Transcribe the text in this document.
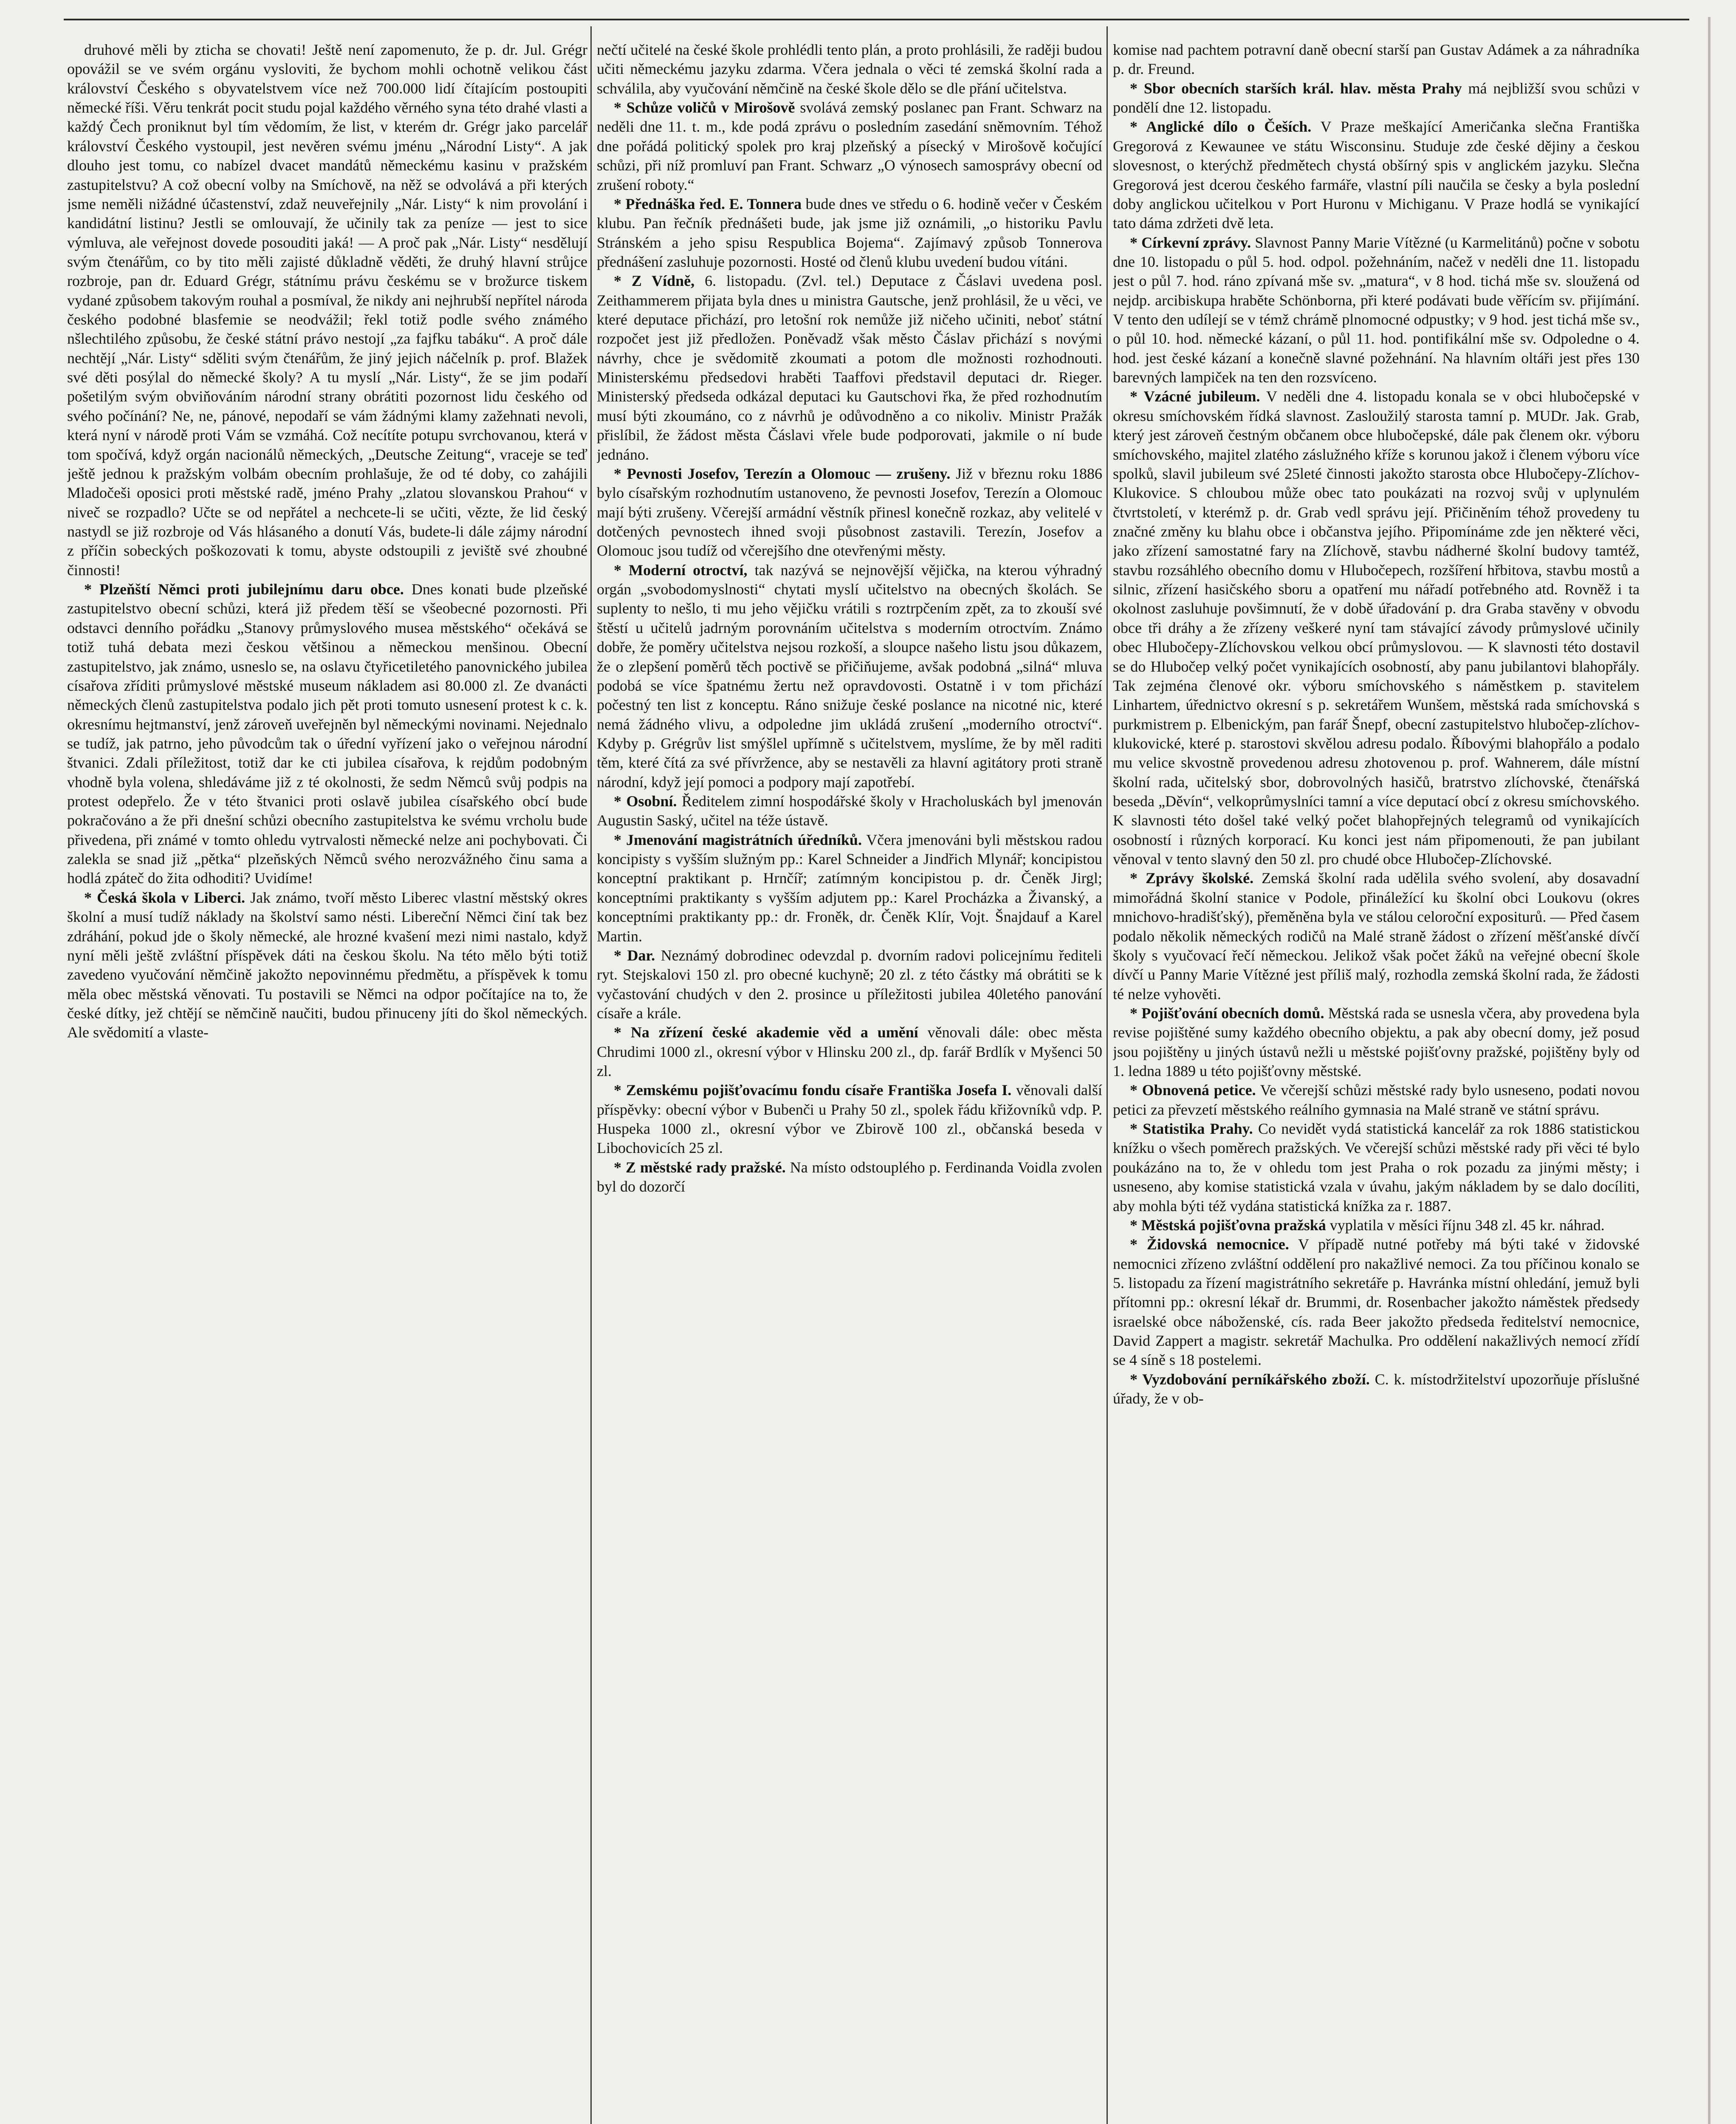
druhové měli by zticha se chovati! Ještě není zapomenuto, že p. dr. Jul. Grégr opovážil se ve svém orgánu vysloviti, že bychom mohli ochotně velikou část království Českého s obyvatelstvem více než 700.000 lidí čítajícím postoupiti německé říši. Věru tenkrát pocit studu pojal každého věrného syna této drahé vlasti a každý Čech proniknut byl tím vědomím, že list, v kterém dr. Grégr jako parcelář království Českého vystoupil, jest nevěren svému jménu „Národní Listy“. A jak dlouho jest tomu, co nabízel dvacet mandátů německému kasinu v pražském zastupitelstvu? A což obecní volby na Smíchově, na něž se odvolává a při kterých jsme neměli nižádné účastenství, zdaž neuveřejnily „Nár. Listy“ k nim provolání i kandidátní listinu? Jestli se omlouvají, že učinily tak za peníze — jest to sice výmluva, ale veřejnost dovede posouditi jaká! — A proč pak „Nár. Listy“ nesdělují svým čtenářům, co by tito měli zajisté důkladně věděti, že druhý hlavní strůjce rozbroje, pan dr. Eduard Grégr, státnímu právu českému se v brožurce tiskem vydané způsobem takovým rouhal a posmíval, že nikdy ani nejhrubší nepřítel národa českého podobné blasfemie se neodvážil; řekl totiž podle svého známého nšlechtilého způsobu, že české státní právo nestojí „za fajfku tabáku“. A proč dále nechtějí „Nár. Listy“ sděliti svým čtenářům, že jiný jejich náčelník p. prof. Blažek své děti posýlal do německé školy? A tu myslí „Nár. Listy“, že se jim podaří pošetilým svým obviňováním národní strany obrátiti pozornost lidu českého od svého počínání? Ne, ne, pánové, nepodaří se vám žádnými klamy zažehnati nevoli, která nyní v národě proti Vám se vzmáhá. Což necítíte potupu svrchovanou, která v tom spočívá, když orgán nacionálů německých, „Deutsche Zeitung“, vraceje se teď ještě jednou k pražským volbám obecním prohlašuje, že od té doby, co zahájili Mladočeši oposici proti městské radě, jméno Prahy „zlatou slovanskou Prahou“ v niveč se rozpadlo? Učte se od nepřátel a nechcete-li se učiti, vězte, že lid český nastydl se již rozbroje od Vás hlásaného a donutí Vás, budete-li dále zájmy národní z příčin sobeckých poškozovati k tomu, abyste odstoupili z jeviště své zhoubné činnosti!

* Plzeňští Němci proti jubilejnímu daru obce. Dnes konati bude plzeňské zastupitelstvo obecní schůzi, která již předem těší se všeobecné pozornosti. Při odstavci denního pořádku „Stanovy průmyslového musea městského“ očekává se totiž tuhá debata mezi českou většinou a německou menšinou. Obecní zastupitelstvo, jak známo, usneslo se, na oslavu čtyřicetiletého panovnického jubilea císařova zříditi průmyslové městské museum nákladem asi 80.000 zl. Ze dvanácti německých členů zastupitelstva podalo jich pět proti tomuto usnesení protest k c. k. okresnímu hejtmanství, jenž zároveň uveřejněn byl německými novinami. Nejednalo se tudíž, jak patrno, jeho původcům tak o úřední vyřízení jako o veřejnou národní štvanici. Zdali příležitost, totiž dar ke cti jubilea císařova, k rejdům podobným vhodně byla volena, shledáváme již z té okolnosti, že sedm Němců svůj podpis na protest odepřelo. Že v této štvanici proti oslavě jubilea císařského obcí bude pokračováno a že při dnešní schůzi obecního zastupitelstva ke svému vrcholu bude přivedena, při známé v tomto ohledu vytrvalosti německé nelze ani pochybovati. Či zalekla se snad již „pětka“ plzeňských Němců svého nerozvážného činu sama a hodlá zpáteč do žita odhoditi? Uvidíme!

* Česká škola v Liberci. Jak známo, tvoří město Liberec vlastní městský okres školní a musí tudíž náklady na školství samo nésti. Libereční Němci činí tak bez zdráhání, pokud jde o školy německé, ale hrozné kvašení mezi nimi nastalo, když nyní měli ještě zvláštní příspěvek dáti na českou školu. Na této mělo býti totiž zavedeno vyučování němčině jakožto nepovinnému předmětu, a příspěvek k tomu měla obec městská věnovati. Tu postavili se Němci na odpor počítajíce na to, že české dítky, jež chtějí se němčině naučiti, budou přinuceny jíti do škol německých. Ale svědomití a vlaste-

nečtí učitelé na české škole prohlédli tento plán, a proto prohlásili, že raději budou učiti německému jazyku zdarma. Včera jednala o věci té zemská školní rada a schválila, aby vyučování němčině na české škole dělo se dle přání učitelstva.

* Schůze voličů v Mirošově svolává zemský poslanec pan Frant. Schwarz na neděli dne 11. t. m., kde podá zprávu o posledním zasedání sněmovním. Téhož dne pořádá politický spolek pro kraj plzeňský a písecký v Mirošově kočující schůzi, při níž promluví pan Frant. Schwarz „O výnosech samosprávy obecní od zrušení roboty.“

* Přednáška řed. E. Tonnera bude dnes ve středu o 6. hodině večer v Českém klubu. Pan řečník přednášeti bude, jak jsme již oznámili, „o historiku Pavlu Stránském a jeho spisu Respublica Bojema“. Zajímavý způsob Tonnerova přednášení zasluhuje pozornosti. Hosté od členů klubu uvedení budou vítáni.

* Z Vídně, 6. listopadu. (Zvl. tel.) Deputace z Čáslavi uvedena posl. Zeithammerem přijata byla dnes u ministra Gautsche, jenž prohlásil, že u věci, ve které deputace přichází, pro letošní rok nemůže již ničeho učiniti, neboť státní rozpočet jest již předložen. Poněvadž však město Čáslav přichází s novými návrhy, chce je svědomitě zkoumati a potom dle možnosti rozhodnouti. Ministerskému předsedovi hraběti Taaffovi představil deputaci dr. Rieger. Ministerský předseda odkázal deputaci ku Gautschovi řka, že před rozhodnutím musí býti zkoumáno, co z návrhů je odůvodněno a co nikoliv. Ministr Pražák přislíbil, že žádost města Čáslavi vřele bude podporovati, jakmile o ní bude jednáno.

* Pevnosti Josefov, Terezín a Olomouc — zrušeny. Již v březnu roku 1886 bylo císařským rozhodnutím ustanoveno, že pevnosti Josefov, Terezín a Olomouc mají býti zrušeny. Včerejší armádní věstník přinesl konečně rozkaz, aby velitelé v dotčených pevnostech ihned svoji působnost zastavili. Terezín, Josefov a Olomouc jsou tudíž od včerejšího dne otevřenými městy.

* Moderní otroctví, tak nazývá se nejnovější vějička, na kterou výhradný orgán „svobodomyslnosti“ chytati myslí učitelstvo na obecných školách. Se suplenty to nešlo, ti mu jeho vějičku vrátili s roztrpčením zpět, za to zkouší své štěstí u učitelů jadrným porovnáním učitelstva s moderním otroctvím. Známo dobře, že poměry učitelstva nejsou rozkoší, a sloupce našeho listu jsou důkazem, že o zlepšení poměrů těch poctivě se přičiňujeme, avšak podobná „silná“ mluva podobá se více špatnému žertu než opravdovosti. Ostatně i v tom přichází počestný ten list z konceptu. Ráno snižuje české poslance na nicotné nic, které nemá žádného vlivu, a odpoledne jim ukládá zrušení „moderního otroctví“. Kdyby p. Grégrův list smýšlel upřímně s učitelstvem, myslíme, že by měl raditi těm, které čítá za své přívržence, aby se nestavěli za hlavní agitátory proti straně národní, když její pomoci a podpory mají zapotřebí.

* Osobní. Ředitelem zimní hospodářské školy v Hracholuskách byl jmenován Augustin Saský, učitel na téže ústavě.

* Jmenování magistrátních úředníků. Včera jmenováni byli městskou radou koncipisty s vyšším služným pp.: Karel Schneider a Jindřich Mlynář; koncipistou konceptní praktikant p. Hrnčíř; zatímným koncipistou p. dr. Čeněk Jirgl; konceptními praktikanty s vyšším adjutem pp.: Karel Procházka a Živanský, a konceptními praktikanty pp.: dr. Froněk, dr. Čeněk Klír, Vojt. Šnajdauf a Karel Martin.

* Dar. Neznámý dobrodinec odevzdal p. dvorním radovi policejnímu řediteli ryt. Stejskalovi 150 zl. pro obecné kuchyně; 20 zl. z této částky má obrátiti se k vyčastování chudých v den 2. prosince u příležitosti jubilea 40letého panování císaře a krále.

* Na zřízení české akademie věd a umění věnovali dále: obec města Chrudimi 1000 zl., okresní výbor v Hlinsku 200 zl., dp. farář Brdlík v Myšenci 50 zl.

* Zemskému pojišťovacímu fondu císaře Františka Josefa I. věnovali další příspěvky: obecní výbor v Bubenči u Prahy 50 zl., spolek řádu křižovníků vdp. P. Huspeka 1000 zl., okresní výbor ve Zbirově 100 zl., občanská beseda v Libochovicích 25 zl.

* Z městské rady pražské. Na místo odstouplého p. Ferdinanda Voidla zvolen byl do dozorčí

komise nad pachtem potravní daně obecní starší pan Gustav Adámek a za náhradníka p. dr. Freund.

* Sbor obecních starších král. hlav. města Prahy má nejbližší svou schůzi v pondělí dne 12. listopadu.

* Anglické dílo o Češích. V Praze meškající Američanka slečna Františka Gregorová z Kewaunee ve státu Wisconsinu. Studuje zde české dějiny a českou slovesnost, o kterýchž předmětech chystá obšírný spis v anglickém jazyku. Slečna Gregorová jest dcerou českého farmáře, vlastní píli naučila se česky a byla poslední doby anglickou učitelkou v Port Huronu v Michiganu. V Praze hodlá se vynikající tato dáma zdržeti dvě leta.

* Církevní zprávy. Slavnost Panny Marie Vítězné (u Karmelitánů) počne v sobotu dne 10. listopadu o půl 5. hod. odpol. požehnáním, načež v neděli dne 11. listopadu jest o půl 7. hod. ráno zpívaná mše sv. „matura“, v 8 hod. tichá mše sv. sloužená od nejdp. arcibiskupa hraběte Schönborna, při které podávati bude věřícím sv. přijímání. V tento den udílejí se v témž chrámě plnomocné odpustky; v 9 hod. jest tichá mše sv., o půl 10. hod. německé kázaní, o půl 11. hod. pontifikální mše sv. Odpoledne o 4. hod. jest české kázaní a konečně slavné požehnání. Na hlavním oltáři jest přes 130 barevných lampiček na ten den rozsvíceno.

* Vzácné jubileum. V neděli dne 4. listopadu konala se v obci hlubočepské v okresu smíchovském řídká slavnost. Zasloužilý starosta tamní p. MUDr. Jak. Grab, který jest zároveň čestným občanem obce hlubočepské, dále pak členem okr. výboru smíchovského, majitel zlatého záslužného kříže s korunou jakož i členem výboru více spolků, slavil jubileum své 25leté činnosti jakožto starosta obce Hlubočepy-Zlíchov-Klukovice. S chloubou může obec tato poukázati na rozvoj svůj v uplynulém čtvrtstoletí, v kterémž p. dr. Grab vedl správu její. Přičiněním téhož provedeny tu značné změny ku blahu obce i občanstva jejího. Připomínáme zde jen některé věci, jako zřízení samostatné fary na Zlíchově, stavbu nádherné školní budovy tamtéž, stavbu rozsáhlého obecního domu v Hlubočepech, rozšíření hřbitova, stavbu mostů a silnic, zřízení hasičského sboru a opatření mu nářadí potřebného atd. Rovněž i ta okolnost zasluhuje povšimnutí, že v době úřadování p. dra Graba stavěny v obvodu obce tři dráhy a že zřízeny veškeré nyní tam stávající závody průmyslové učinily obec Hlubočepy-Zlíchovskou velkou obcí průmyslovou. — K slavnosti této dostavil se do Hlubočep velký počet vynikajících osobností, aby panu jubilantovi blahopřály. Tak zejména členové okr. výboru smíchovského s náměstkem p. stavitelem Linhartem, úřednictvo okresní s p. sekretářem Wunšem, městská rada smíchovská s purkmistrem p. Elbenickým, pan farář Šnepf, obecní zastupitelstvo hlubočep-zlíchov-klukovické, které p. starostovi skvělou adresu podalo. Říbovými blahopřálo a podalo mu velice skvostně provedenou adresu zhotovenou p. prof. Wahnerem, dále místní školní rada, učitelský sbor, dobrovolných hasičů, bratrstvo zlíchovské, čtenářská beseda „Děvín“, velkoprůmyslníci tamní a více deputací obcí z okresu smíchovského. K slavnosti této došel také velký počet blahopřejných telegramů od vynikajících osobností i různých korporací. Ku konci jest nám připomenouti, že pan jubilant věnoval v tento slavný den 50 zl. pro chudé obce Hlubočep-Zlíchovské.

* Zprávy školské. Zemská školní rada udělila svého svolení, aby dosavadní mimořádná školní stanice v Podole, přináležící ku školní obci Loukovu (okres mnichovo-hradišťský), přeměněna byla ve stálou celoroční expositurů. — Před časem podalo několik německých rodičů na Malé straně žádost o zřízení měšťanské dívčí školy s vyučovací řečí německou. Jelikož však počet žáků na veřejné obecní škole dívčí u Panny Marie Vítězné jest příliš malý, rozhodla zemská školní rada, že žádosti té nelze vyhověti.

* Pojišťování obecních domů. Městská rada se usnesla včera, aby provedena byla revise pojištěné sumy každého obecního objektu, a pak aby obecní domy, jež posud jsou pojištěny u jiných ústavů nežli u městské pojišťovny pražské, pojištěny byly od 1. ledna 1889 u této pojišťovny městské.

* Obnovená petice. Ve včerejší schůzi městské rady bylo usneseno, podati novou petici za převzetí městského reálního gymnasia na Malé straně ve státní správu.

* Statistika Prahy. Co nevidět vydá statistická kancelář za rok 1886 statistickou knížku o všech poměrech pražských. Ve včerejší schůzi městské rady při věci té bylo poukázáno na to, že v ohledu tom jest Praha o rok pozadu za jinými městy; i usneseno, aby komise statistická vzala v úvahu, jakým nákladem by se dalo docíliti, aby mohla býti též vydána statistická knížka za r. 1887.

* Městská pojišťovna pražská vyplatila v měsíci říjnu 348 zl. 45 kr. náhrad.

* Židovská nemocnice. V případě nutné potřeby má býti také v židovské nemocnici zřízeno zvláštní oddělení pro nakažlivé nemoci. Za tou příčinou konalo se 5. listopadu za řízení magistrátního sekretáře p. Havránka místní ohledání, jemuž byli přítomni pp.: okresní lékař dr. Brummi, dr. Rosenbacher jakožto náměstek předsedy israelské obce náboženské, cís. rada Beer jakožto předseda ředitelství nemocnice, David Zappert a magistr. sekretář Machulka. Pro oddělení nakažlivých nemocí zřídí se 4 síně s 18 postelemi.

* Vyzdobování perníkářského zboží. C. k. místodržitelství upozorňuje příslušné úřady, že v ob-
